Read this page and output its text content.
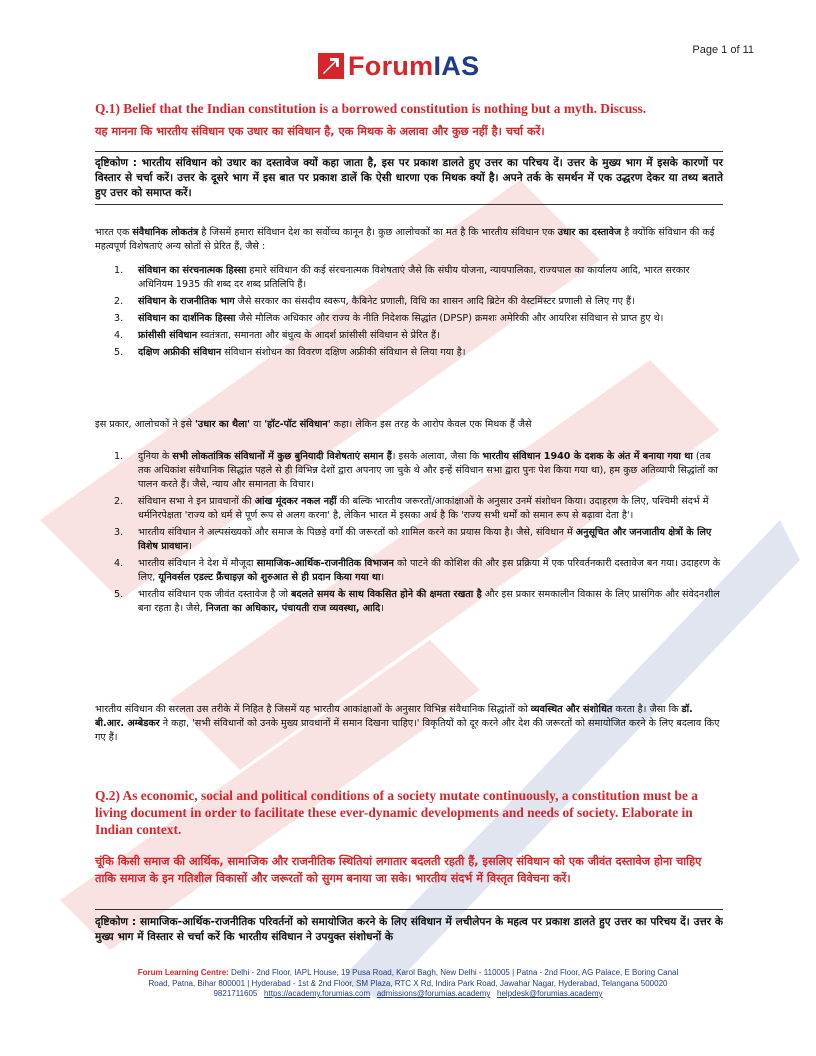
Page 1 of 11
Forum IAS
Q.1) Belief that the Indian constitution is a borrowed constitution is nothing but a myth. Discuss.
यह मानना कि भारतीय संविधान एक उधार का संविधान है, एक मिथक के अलावा और कुछ नहीं है। चर्चा करें।
दृष्टिकोण : भारतीय संविधान को उधार का दस्तावेज क्यों कहा जाता है, इस पर प्रकाश डालते हुए उत्तर का परिचय दें। उत्तर के मुख्य भाग में इसके कारणों पर विस्तार से चर्चा करें। उत्तर के दूसरे भाग में इस बात पर प्रकाश डालें कि ऐसी धारणा एक मिथक क्यों है। अपने तर्क के समर्थन में एक उद्धरण देकर या तथ्य बताते हुए उत्तर को समाप्त करें।
भारत एक संवैधानिक लोकतंत्र है जिसमें हमारा संविधान देश का सर्वोच्च कानून है। कुछ आलोचकों का मत है कि भारतीय संविधान एक उधार का दस्तावेज है क्योंकि संविधान की कई महत्वपूर्ण विशेषताएं अन्य स्रोतों से प्रेरित हैं, जैसे :
1. संविधान का संरचनात्मक हिस्सा हमारे संविधान की कई संरचनात्मक विशेषताएं जैसे कि संघीय योजना, न्यायपालिका, राज्यपाल का कार्यालय आदि, भारत सरकार अधिनियम 1935 की शब्द दर शब्द प्रतिलिपि हैं।
2. संविधान के राजनीतिक भाग जैसे सरकार का संसदीय स्वरूप, कैबिनेट प्रणाली, विधि का शासन आदि ब्रिटेन की वेस्टमिंस्टर प्रणाली से लिए गए हैं।
3. संविधान का दार्शनिक हिस्सा जैसे मौलिक अधिकार और राज्य के नीति निदेशक सिद्धांत (DPSP) क्रमशः अमेरिकी और आयरिश संविधान से प्राप्त हुए थे।
4. फ्रांसीसी संविधान स्वतंत्रता, समानता और बंधुत्व के आदर्श फ्रांसीसी संविधान से प्रेरित हैं।
5. दक्षिण अफ्रीकी संविधान संविधान संशोधन का विवरण दक्षिण अफ्रीकी संविधान से लिया गया है।
इस प्रकार, आलोचकों ने इसे 'उधार का थैला' या 'हॉट-पॉट संविधान' कहा। लेकिन इस तरह के आरोप केवल एक मिथक हैं जैसे
1. दुनिया के सभी लोकतांत्रिक संविधानों में कुछ बुनियादी विशेषताएं समान हैं। इसके अलावा, जैसा कि भारतीय संविधान 1940 के दशक के अंत में बनाया गया था (तब तक अधिकांश संवैधानिक सिद्धांत पहले से ही विभिन्न देशों द्वारा अपनाए जा चुके थे और इन्हें संविधान सभा द्वारा पुनः पेश किया गया था), हम कुछ अतिव्यापी सिद्धांतों का पालन करते हैं। जैसे, न्याय और समानता के विचार।
2. संविधान सभा ने इन प्रावधानों की आंख मूंदकर नकल नहीं की बल्कि भारतीय जरूरतों/आकांक्षाओं के अनुसार उनमें संशोधन किया। उदाहरण के लिए, पश्चिमी संदर्भ में धर्मनिरपेक्षता 'राज्य को धर्म से पूर्ण रूप से अलग करना' है, लेकिन भारत में इसका अर्थ है कि 'राज्य सभी धर्मों को समान रूप से बढ़ावा देता है'।
3. भारतीय संविधान ने अल्पसंख्यकों और समाज के पिछड़े वर्गों की जरूरतों को शामिल करने का प्रयास किया है। जैसे, संविधान में अनुसूचित और जनजातीय क्षेत्रों के लिए विशेष प्रावधान।
4. भारतीय संविधान ने देश में मौजूदा सामाजिक-आर्थिक-राजनीतिक विभाजन को पाटने की कोशिश की और इस प्रक्रिया में एक परिवर्तनकारी दस्तावेज बन गया। उदाहरण के लिए, यूनिवर्सल एडल्ट फ्रैंचाइज़ को शुरुआत से ही प्रदान किया गया था।
5. भारतीय संविधान एक जीवंत दस्तावेज है जो बदलते समय के साथ विकसित होने की क्षमता रखता है और इस प्रकार समकालीन विकास के लिए प्रासंगिक और संवेदनशील बना रहता है। जैसे, निजता का अधिकार, पंचायती राज व्यवस्था, आदि।
भारतीय संविधान की सरलता उस तरीके में निहित है जिसमें यह भारतीय आकांक्षाओं के अनुसार विभिन्न संवैधानिक सिद्धांतों को व्यवस्थित और संशोधित करता है। जैसा कि डॉ. बी.आर. अम्बेडकर ने कहा, 'सभी संविधानों को उनके मुख्य प्रावधानों में समान दिखना चाहिए।' विकृतियों को दूर करने और देश की जरूरतों को समायोजित करने के लिए बदलाव किए गए हैं।
Q.2) As economic, social and political conditions of a society mutate continuously, a constitution must be a living document in order to facilitate these ever-dynamic developments and needs of society. Elaborate in Indian context.
चूंकि किसी समाज की आर्थिक, सामाजिक और राजनीतिक स्थितियां लगातार बदलती रहती हैं, इसलिए संविधान को एक जीवंत दस्तावेज होना चाहिए ताकि समाज के इन गतिशील विकासों और जरूरतों को सुगम बनाया जा सके। भारतीय संदर्भ में विस्तृत विवेचना करें।
दृष्टिकोण : सामाजिक-आर्थिक-राजनीतिक परिवर्तनों को समायोजित करने के लिए संविधान में लचीलेपन के महत्व पर प्रकाश डालते हुए उत्तर का परिचय दें। उत्तर के मुख्य भाग में विस्तार से चर्चा करें कि भारतीय संविधान ने उपयुक्त संशोधनों के
Forum Learning Centre: Delhi - 2nd Floor, IAPL House, 19 Pusa Road, Karol Bagh, New Delhi - 110005 | Patna - 2nd Floor, AG Palace, E Boring Canal
Road, Patna, Bihar 800001 | Hyderabad - 1st & 2nd Floor, SM Plaza, RTC X Rd, Indira Park Road, Jawahar Nagar, Hyderabad, Telangana 500020
9821711605 https://academy.forumias.com admissions@forumias.academy helpdesk@forumias.academy
